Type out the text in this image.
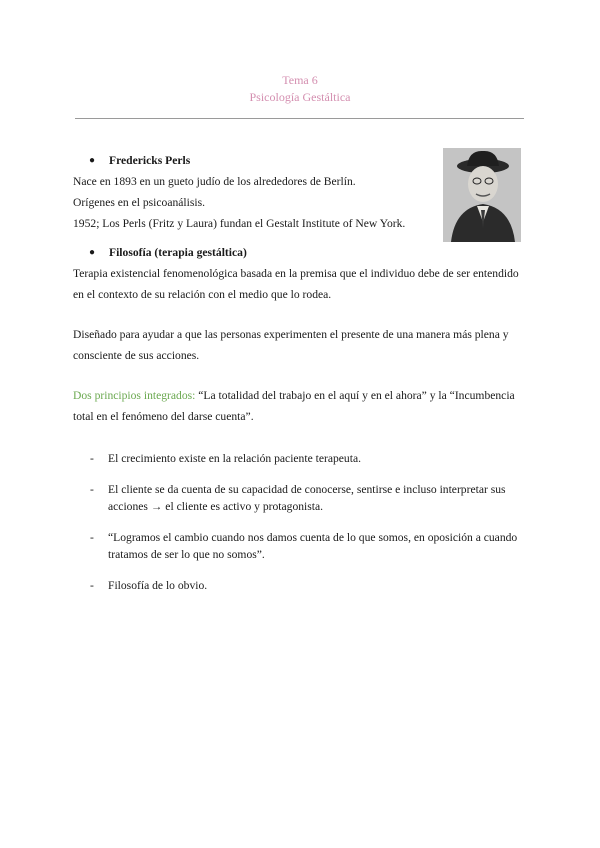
Tema 6
Psicología Gestáltica
● Fredericks Perls

Nace en 1893 en un gueto judío de los alrededores de Berlín.

Orígenes en el psicoanálisis.

1952; Los Perls (Fritz y Laura) fundan el Gestalt Institute of New York.

● Filosofía (terapia gestáltica)

Terapia existencial fenomenológica basada en la premisa que el individuo debe de ser entendido en el contexto de su relación con el medio que lo rodea.

Diseñado para ayudar a que las personas experimenten el presente de una manera más plena y consciente de sus acciones.

Dos principios integrados: “La totalidad del trabajo en el aquí y en el ahora” y la “Incumbencia total en el fenómeno del darse cuenta”.

- El crecimiento existe en la relación paciente terapeuta.
- El cliente se da cuenta de su capacidad de conocerse, sentirse e incluso interpretar sus acciones → el cliente es activo y protagonista.
- “Logramos el cambio cuando nos damos cuenta de lo que somos, en oposición a cuando tratamos de ser lo que no somos”.
- Filosofía de lo obvio.
